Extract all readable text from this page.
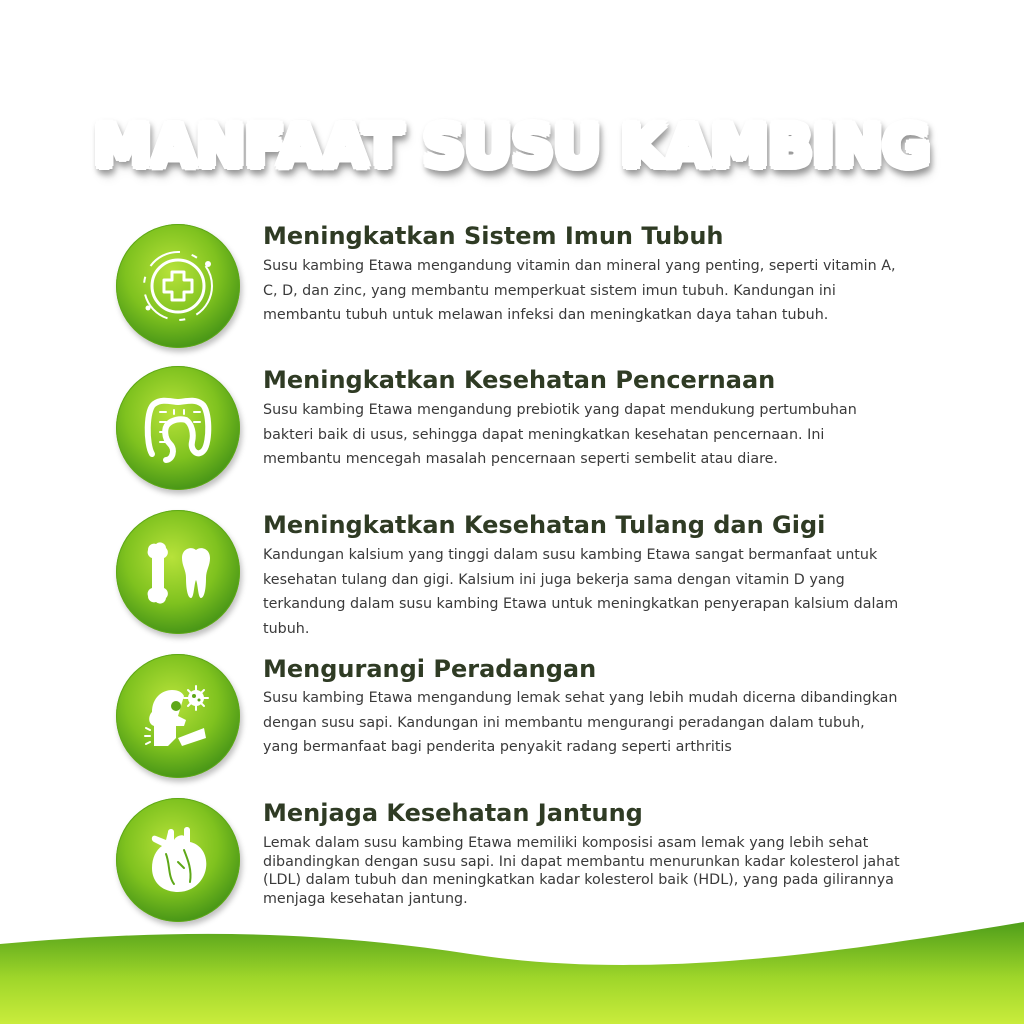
MANFAAT SUSU KAMBING
Meningkatkan Sistem Imun Tubuh
Susu kambing Etawa mengandung vitamin dan mineral yang penting, seperti vitamin A, C, D, dan zinc, yang membantu memperkuat sistem imun tubuh. Kandungan ini membantu tubuh untuk melawan infeksi dan meningkatkan daya tahan tubuh.
Meningkatkan Kesehatan Pencernaan
Susu kambing Etawa mengandung prebiotik yang dapat mendukung pertumbuhan bakteri baik di usus, sehingga dapat meningkatkan kesehatan pencernaan. Ini membantu mencegah masalah pencernaan seperti sembelit atau diare.
Meningkatkan Kesehatan Tulang dan Gigi
Kandungan kalsium yang tinggi dalam susu kambing Etawa sangat bermanfaat untuk kesehatan tulang dan gigi. Kalsium ini juga bekerja sama dengan vitamin D yang terkandung dalam susu kambing Etawa untuk meningkatkan penyerapan kalsium dalam tubuh.
Mengurangi Peradangan
Susu kambing Etawa mengandung lemak sehat yang lebih mudah dicerna dibandingkan dengan susu sapi. Kandungan ini membantu mengurangi peradangan dalam tubuh, yang bermanfaat bagi penderita penyakit radang seperti arthritis
Menjaga Kesehatan Jantung
Lemak dalam susu kambing Etawa memiliki komposisi asam lemak yang lebih sehat dibandingkan dengan susu sapi. Ini dapat membantu menurunkan kadar kolesterol jahat (LDL) dalam tubuh dan meningkatkan kadar kolesterol baik (HDL), yang pada gilirannya menjaga kesehatan jantung.
